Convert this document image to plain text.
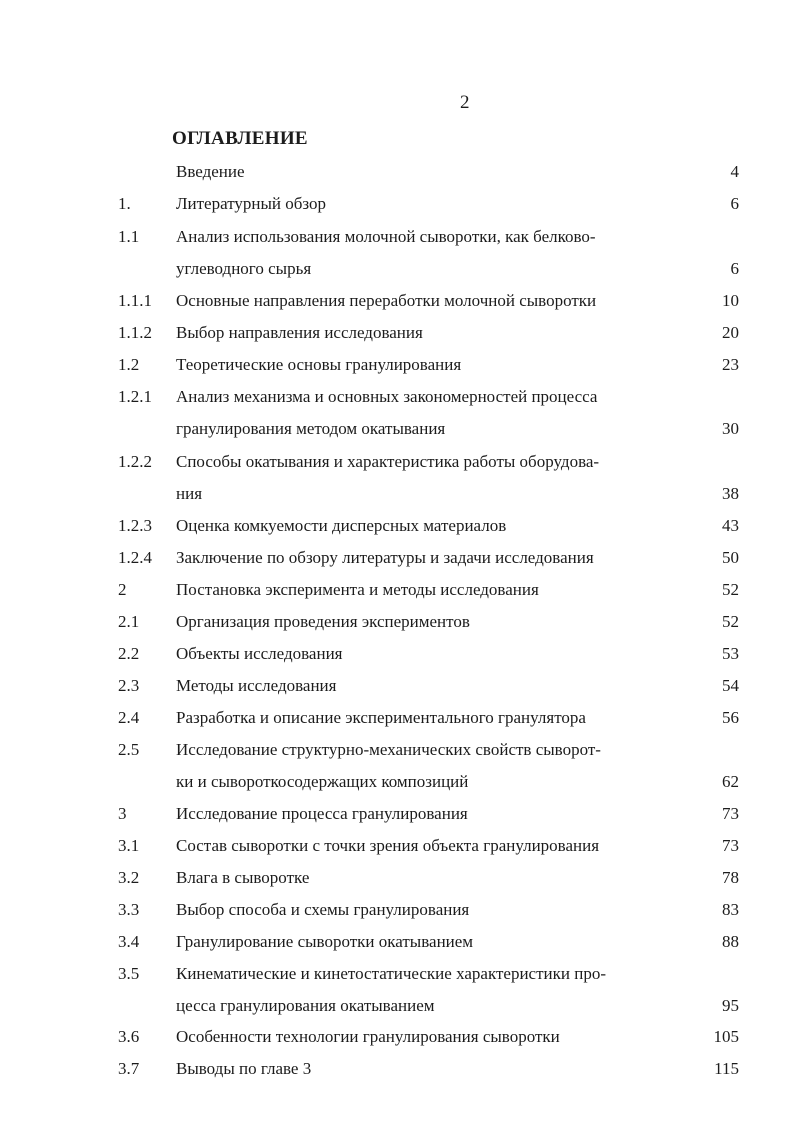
2
ОГЛАВЛЕНИЕ
Введение	4
1.	Литературный обзор	6
1.1 Анализ использования молочной сыворотки, как белково-
углеводного сырья	6
1.1.1 Основные направления переработки молочной сыворотки	10
1.1.2 Выбор направления исследования	20
1.2 Теоретические основы гранулирования	23
1.2.1 Анализ механизма и основных закономерностей процесса
гранулирования методом окатывания	30
1.2.2 Способы окатывания и характеристика работы оборудова-
ния	38
1.2.3 Оценка комкуемости дисперсных материалов	43
1.2.4 Заключение по обзору литературы и задачи исследования	50
2	Постановка эксперимента и методы исследования	52
2.1 Организация проведения экспериментов	52
2.2 Объекты исследования	53
2.3 Методы исследования	54
2.4 Разработка и описание экспериментального гранулятора	56
2.5 Исследование структурно-механических свойств сыворот-
ки и сывороткосодержащих композиций	62
3	Исследование процесса гранулирования	73
3.1 Состав сыворотки с точки зрения объекта гранулирования	73
3.2 Влага в сыворотке	78
3.3 Выбор способа и схемы гранулирования	83
3.4 Гранулирование сыворотки окатыванием	88
3.5 Кинематические и кинетостатические характеристики про-
цесса гранулирования окатыванием	95
3.6 Особенности технологии гранулирования сыворотки	105
3.7 Выводы по главе 3	115
